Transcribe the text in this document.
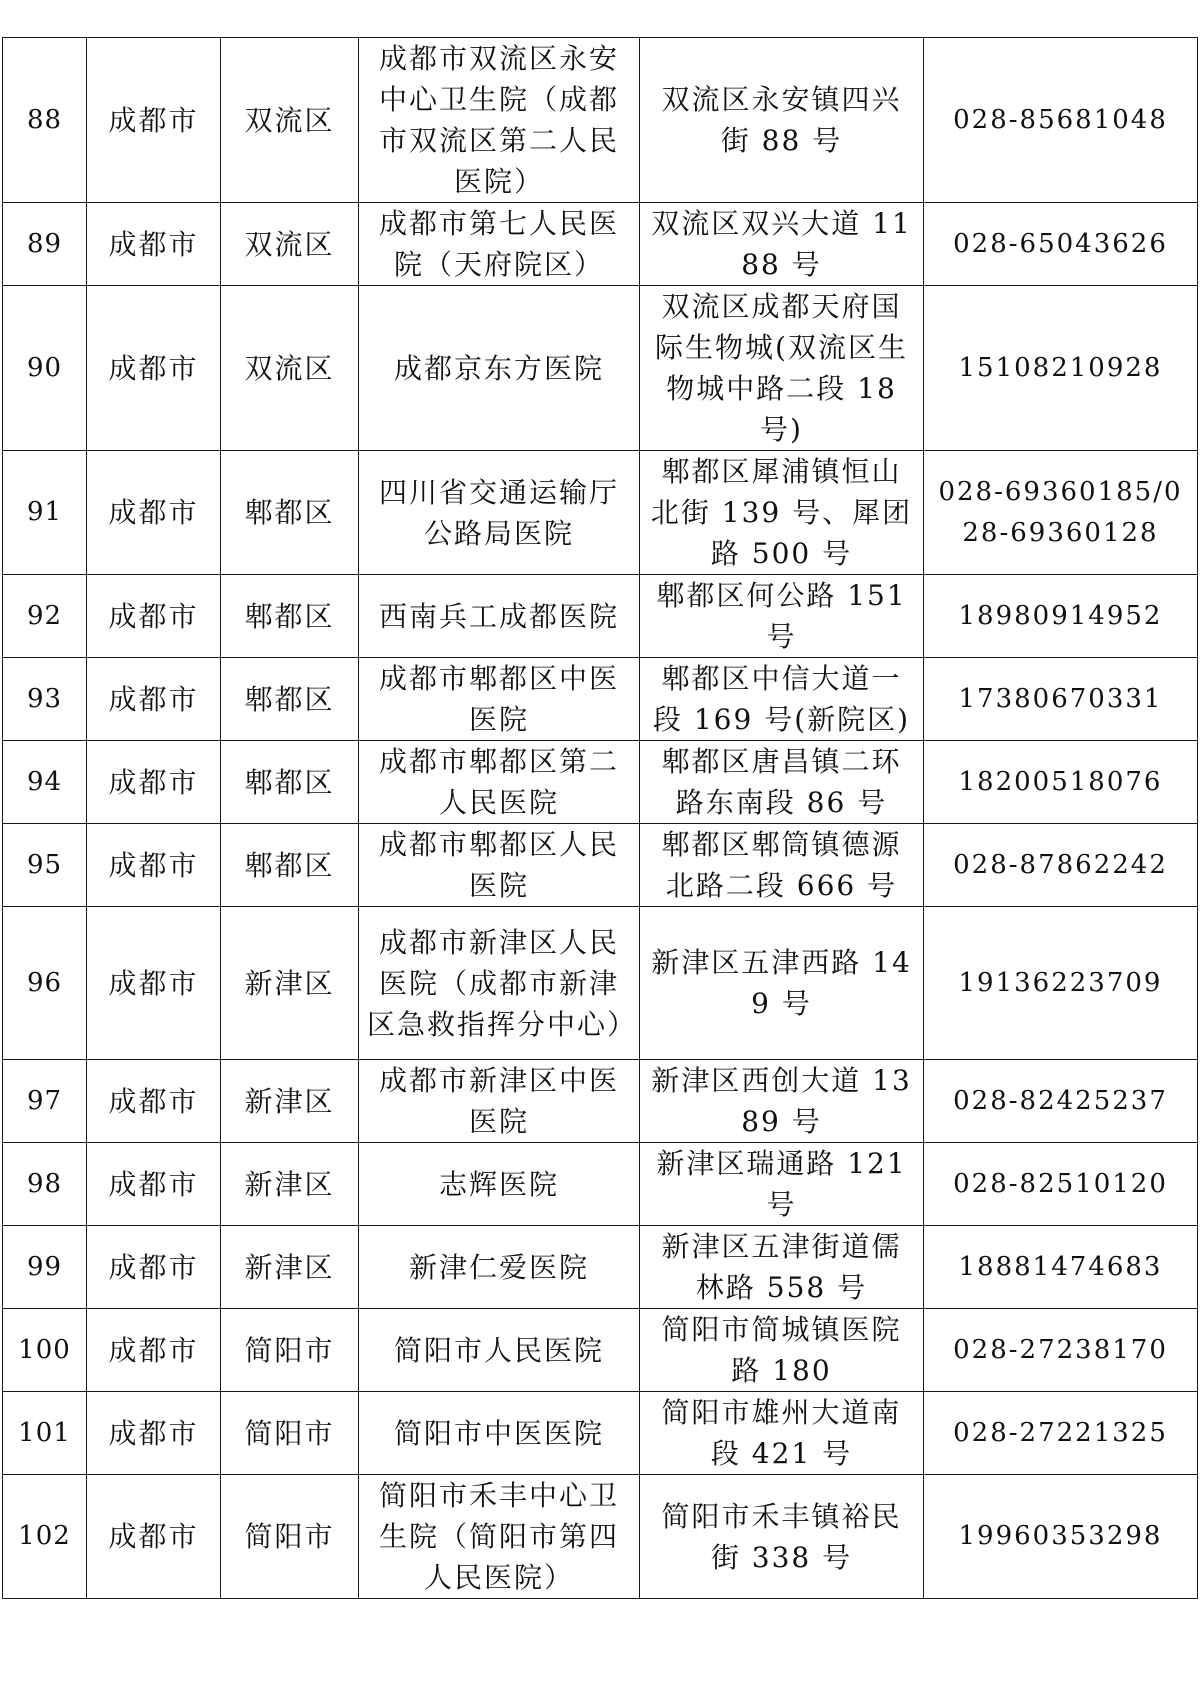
88	成都市	双流区	成都市双流区永安中心卫生院（成都市双流区第二人民医院）	双流区永安镇四兴街 88 号	028-85681048
89	成都市	双流区	成都市第七人民医院（天府院区）	双流区双兴大道 1188 号	028-65043626
90	成都市	双流区	成都京东方医院	双流区成都天府国际生物城(双流区生物城中路二段 18 号)	15108210928
91	成都市	郫都区	四川省交通运输厅公路局医院	郫都区犀浦镇恒山北街 139 号、犀团路 500 号	028-69360185/028-69360128
92	成都市	郫都区	西南兵工成都医院	郫都区何公路 151 号	18980914952
93	成都市	郫都区	成都市郫都区中医医院	郫都区中信大道一段 169 号(新院区)	17380670331
94	成都市	郫都区	成都市郫都区第二人民医院	郫都区唐昌镇二环路东南段 86 号	18200518076
95	成都市	郫都区	成都市郫都区人民医院	郫都区郫筒镇德源北路二段 666 号	028-87862242
96	成都市	新津区	成都市新津区人民医院（成都市新津区急救指挥分中心）	新津区五津西路 149 号	19136223709
97	成都市	新津区	成都市新津区中医医院	新津区西创大道 1389 号	028-82425237
98	成都市	新津区	志辉医院	新津区瑞通路 121 号	028-82510120
99	成都市	新津区	新津仁爱医院	新津区五津街道儒林路 558 号	18881474683
100	成都市	简阳市	简阳市人民医院	简阳市简城镇医院路 180	028-27238170
101	成都市	简阳市	简阳市中医医院	简阳市雄州大道南段 421 号	028-27221325
102	成都市	简阳市	简阳市禾丰中心卫生院（简阳市第四人民医院）	简阳市禾丰镇裕民街 338 号	19960353298
